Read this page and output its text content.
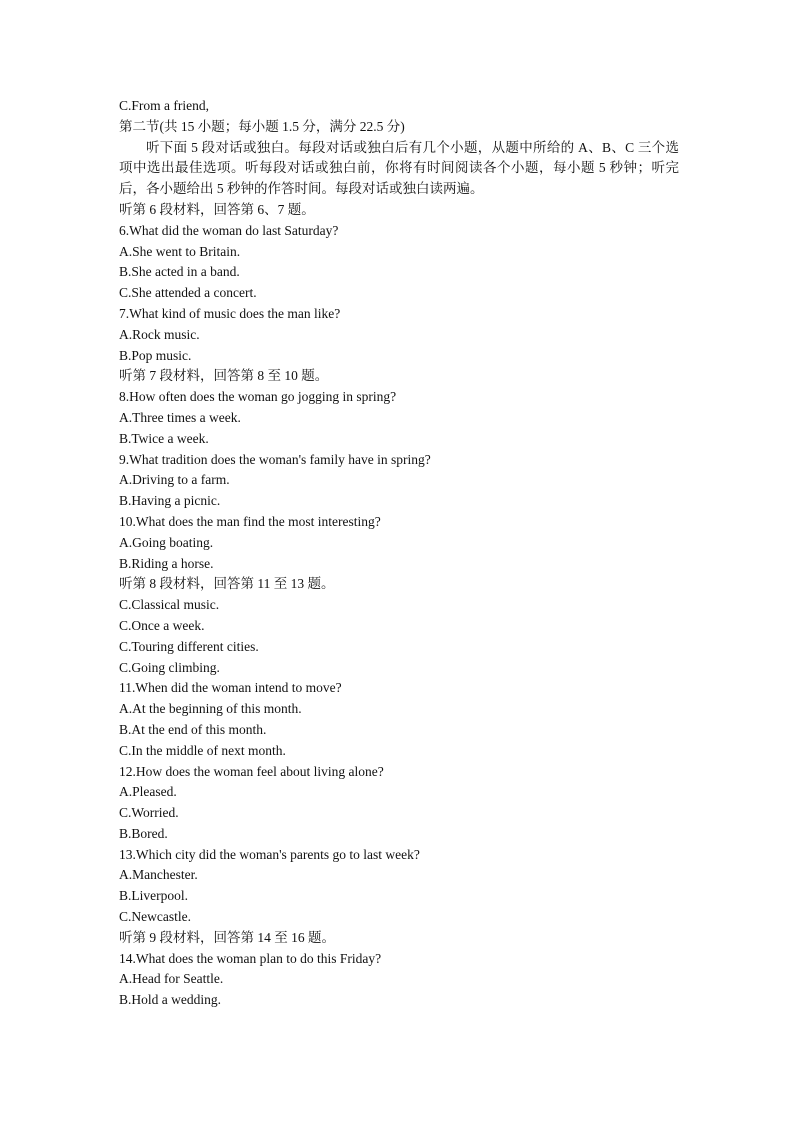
C.From a friend,
第二节(共 15 小题；每小题 1.5 分，满分 22.5 分)

听下面 5 段对话或独白。每段对话或独白后有几个小题，从题中所给的 A、B、C 三个选项中选出最佳选项。听每段对话或独白前，你将有时间阅读各个小题，每小题 5 秒钟；听完后，各小题给出 5 秒钟的作答时间。每段对话或独白读两遍。

听第 6 段材料，回答第 6、7 题。
6.What did the woman do last Saturday?
A.She went to Britain.
B.She acted in a band.
C.She attended a concert.
7.What kind of music does the man like?
A.Rock music.
B.Pop music.
听第 7 段材料，回答第 8 至 10 题。
8.How often does the woman go jogging in spring?
A.Three times a week.
B.Twice a week.
9.What tradition does the woman's family have in spring?
A.Driving to a farm.
B.Having a picnic.
10.What does the man find the most interesting?
A.Going boating.
B.Riding a horse.
听第 8 段材料，回答第 11 至 13 题。
C.Classical music.
C.Once a week.
C.Touring different cities.
C.Going climbing.
11.When did the woman intend to move?
A.At the beginning of this month.
B.At the end of this month.
C.In the middle of next month.
12.How does the woman feel about living alone?
A.Pleased.
C.Worried.
B.Bored.
13.Which city did the woman's parents go to last week?
A.Manchester.
B.Liverpool.
C.Newcastle.
听第 9 段材料，回答第 14 至 16 题。
14.What does the woman plan to do this Friday?
A.Head for Seattle.
B.Hold a wedding.
